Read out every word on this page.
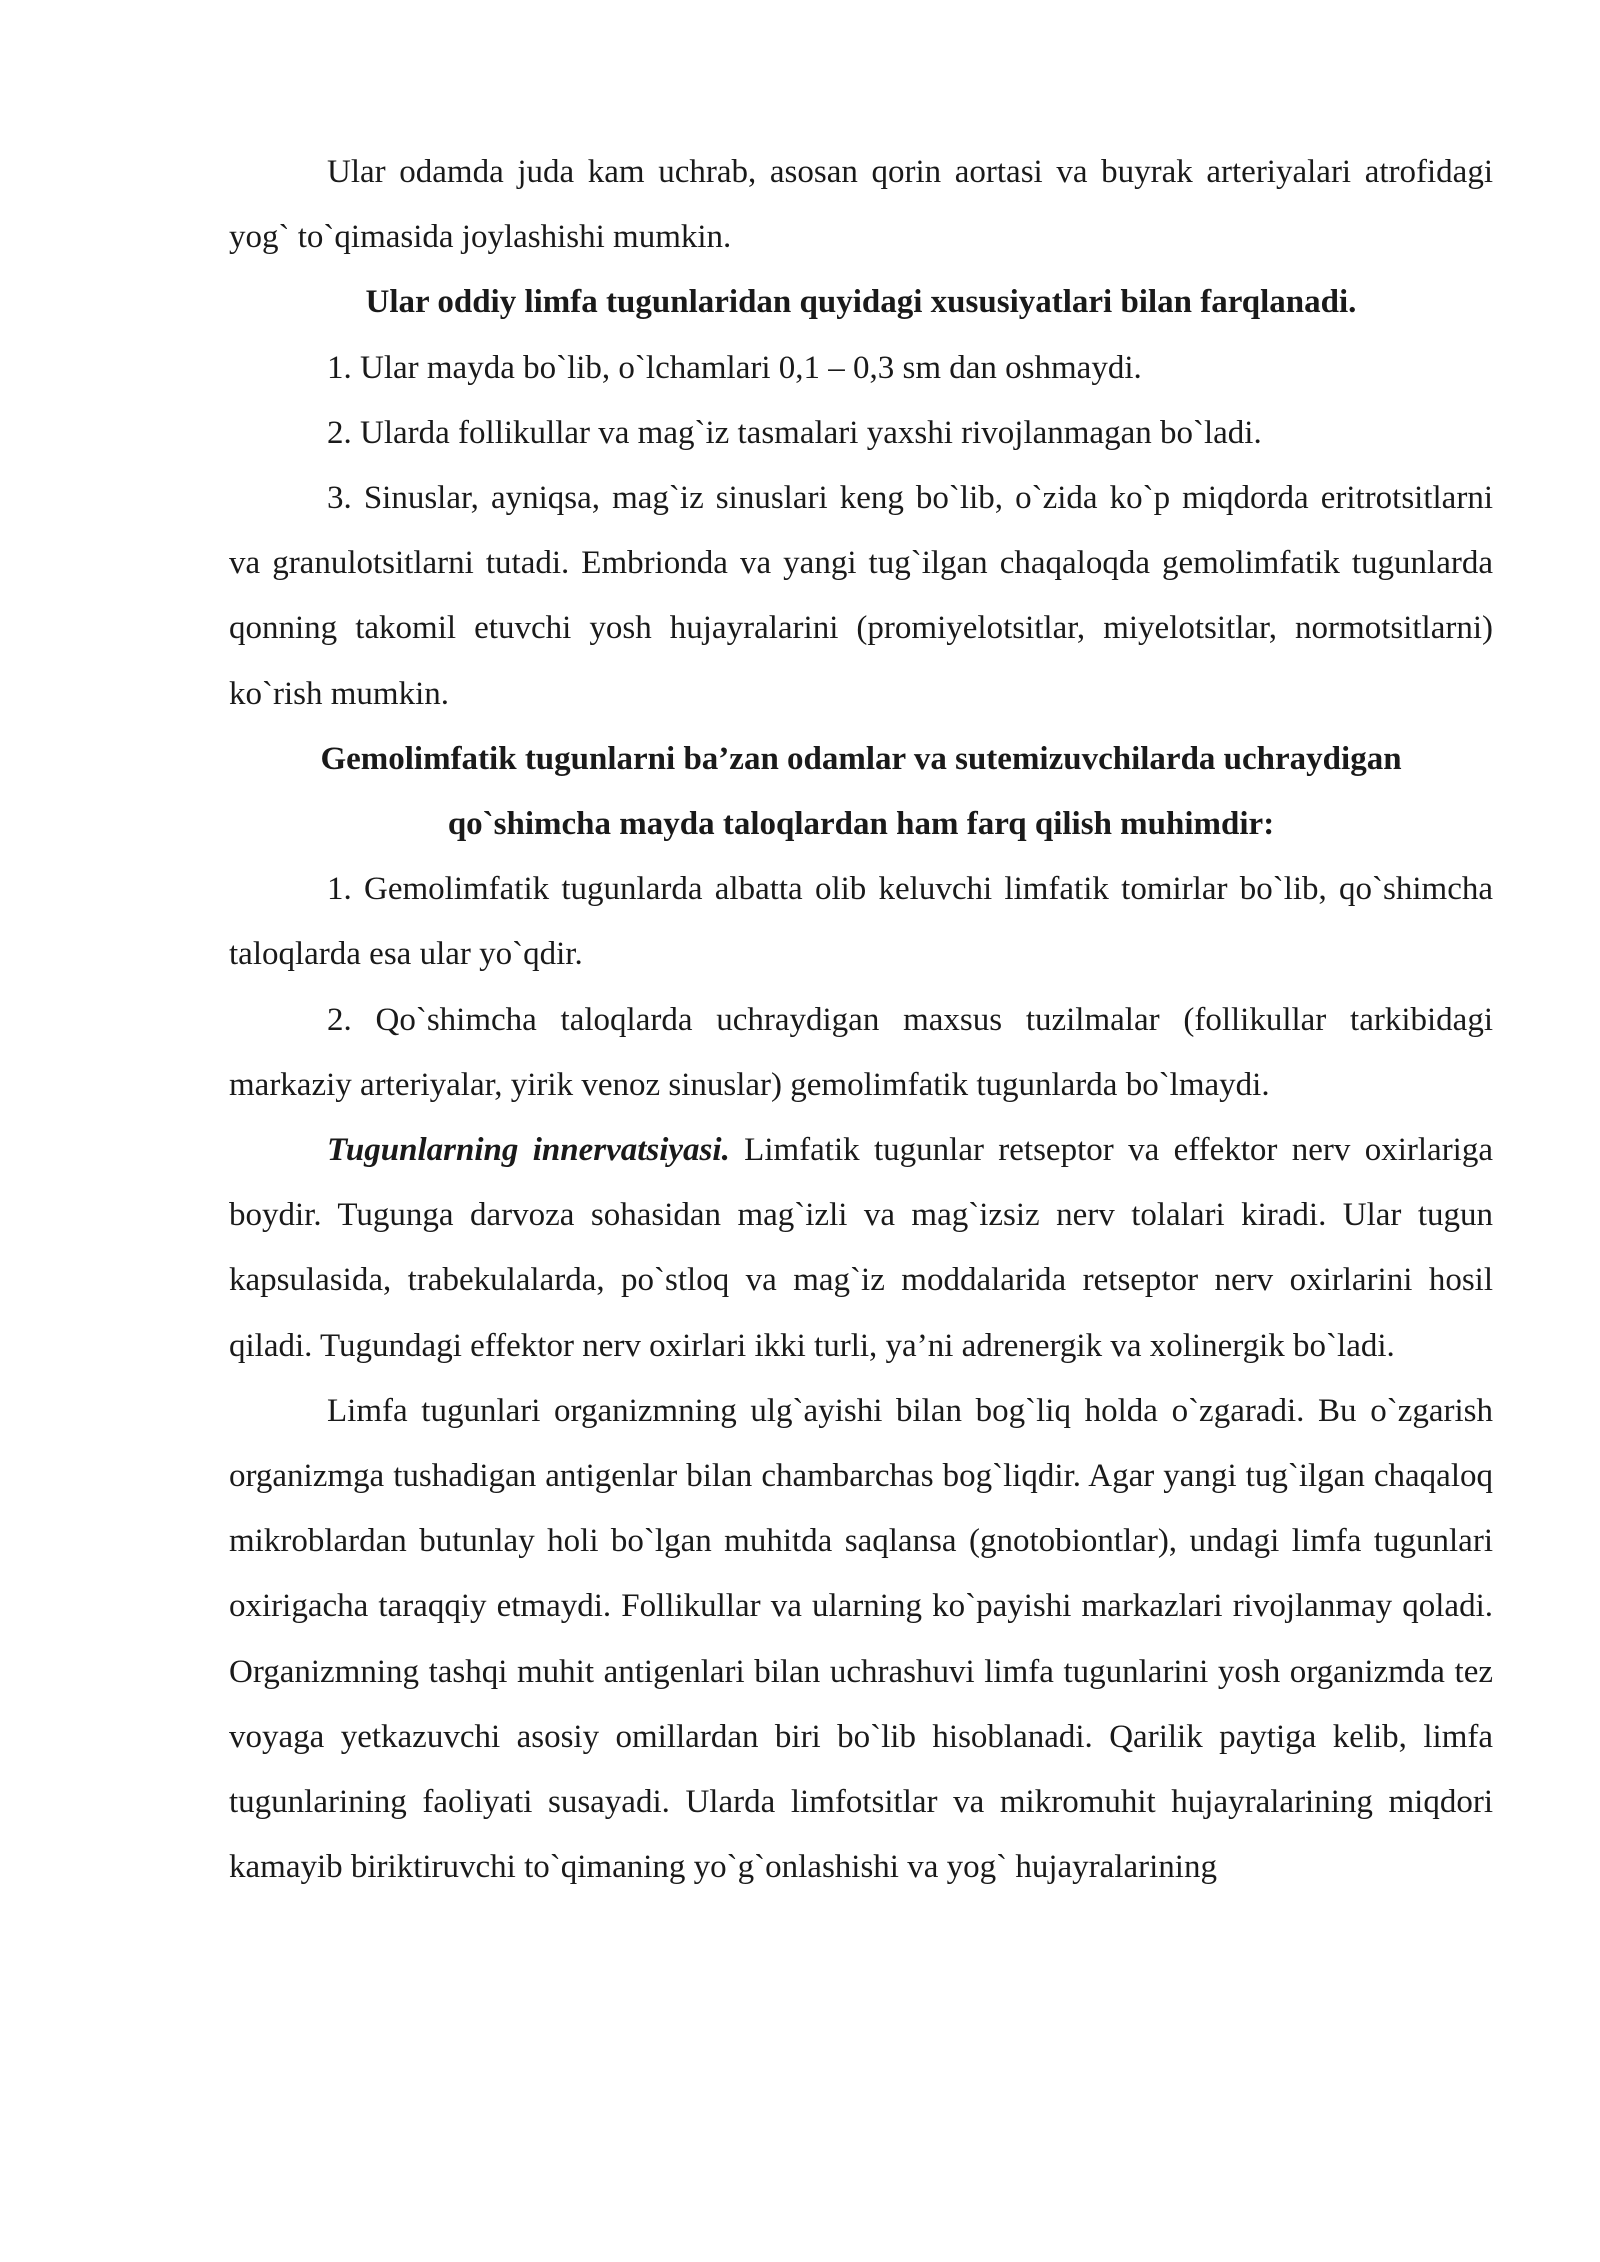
Ular odamda juda kam uchrab, asosan qorin aortasi va buyrak arteriyalari atrofidagi yog` to`qimasida joylashishi mumkin.

Ular oddiy limfa tugunlaridan quyidagi xususiyatlari bilan farqlanadi.

1. Ular mayda bo`lib, o`lchamlari 0,1 – 0,3 sm dan oshmaydi.

2. Ularda follikullar va mag`iz tasmalari yaxshi rivojlanmagan bo`ladi.

3. Sinuslar, ayniqsa, mag`iz sinuslari keng bo`lib, o`zida ko`p miqdorda eritrotsitlarni va granulotsitlarni tutadi. Embrionda va yangi tug`ilgan chaqaloqda gemolimfatik tugunlarda qonning takomil etuvchi yosh hujayralarini (promiyelotsitlar, miyelotsitlar, normotsitlarni) ko`rish mumkin.

Gemolimfatik tugunlarni ba’zan odamlar va sutemizuvchilarda uchraydigan
qo`shimcha mayda taloqlardan ham farq qilish muhimdir:

1. Gemolimfatik tugunlarda albatta olib keluvchi limfatik tomirlar bo`lib, qo`shimcha taloqlarda esa ular yo`qdir.

2. Qo`shimcha taloqlarda uchraydigan maxsus tuzilmalar (follikullar tarkibidagi markaziy arteriyalar, yirik venoz sinuslar) gemolimfatik tugunlarda bo`lmaydi.

Tugunlarning innervatsiyasi. Limfatik tugunlar retseptor va effektor nerv oxirlariga boydir. Tugunga darvoza sohasidan mag`izli va mag`izsiz nerv tolalari kiradi. Ular tugun kapsulasida, trabekulalarda, po`stloq va mag`iz moddalarida retseptor nerv oxirlarini hosil qiladi. Tugundagi effektor nerv oxirlari ikki turli, ya’ni adrenergik va xolinergik bo`ladi.

Limfa tugunlari organizmning ulg`ayishi bilan bog`liq holda o`zgaradi. Bu o`zgarish organizmga tushadigan antigenlar bilan chambarchas bog`liqdir. Agar yangi tug`ilgan chaqaloq mikroblardan butunlay holi bo`lgan muhitda saqlansa (gnotobiontlar), undagi limfa tugunlari oxirigacha taraqqiy etmaydi. Follikullar va ularning ko`payishi markazlari rivojlanmay qoladi. Organizmning tashqi muhit antigenlari bilan uchrashuvi limfa tugunlarini yosh organizmda tez voyaga yetkazuvchi asosiy omillardan biri bo`lib hisoblanadi. Qarilik paytiga kelib, limfa tugunlarining faoliyati susayadi. Ularda limfotsitlar va mikromuhit hujayralarining miqdori kamayib biriktiruvchi to`qimaning yo`g`onlashishi va yog` hujayralarining
